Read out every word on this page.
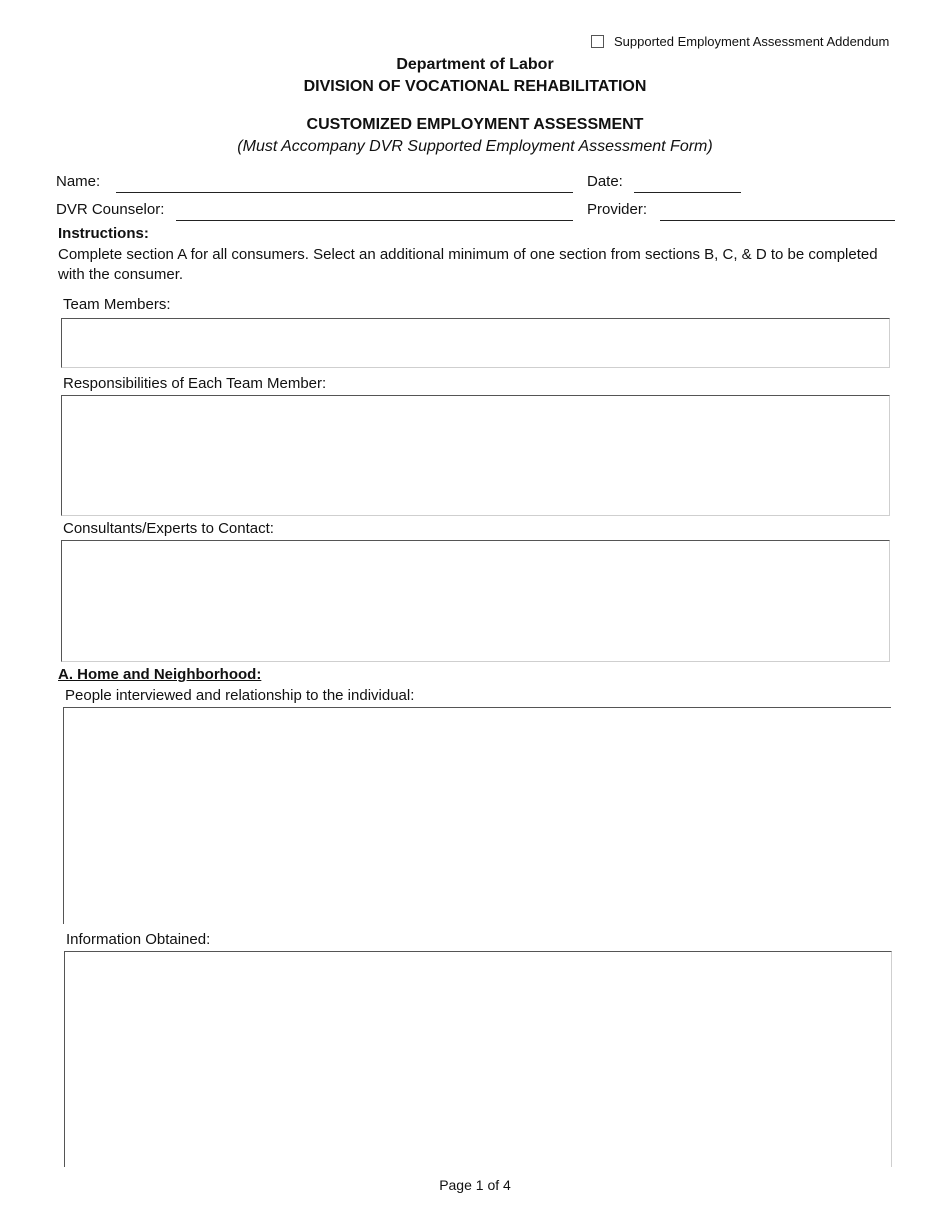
Supported Employment Assessment Addendum
Department of Labor
DIVISION OF VOCATIONAL REHABILITATION
CUSTOMIZED EMPLOYMENT ASSESSMENT
(Must Accompany DVR Supported Employment Assessment Form)
Name:	Date:
DVR Counselor:	Provider:
Instructions:
Complete section A for all consumers. Select an additional minimum of one section from sections B, C, & D to be completed with the consumer.
Team Members:
Responsibilities of Each Team Member:
Consultants/Experts to Contact:
A. Home and Neighborhood:
People interviewed and relationship to the individual:
Information Obtained:
Page 1 of 4
